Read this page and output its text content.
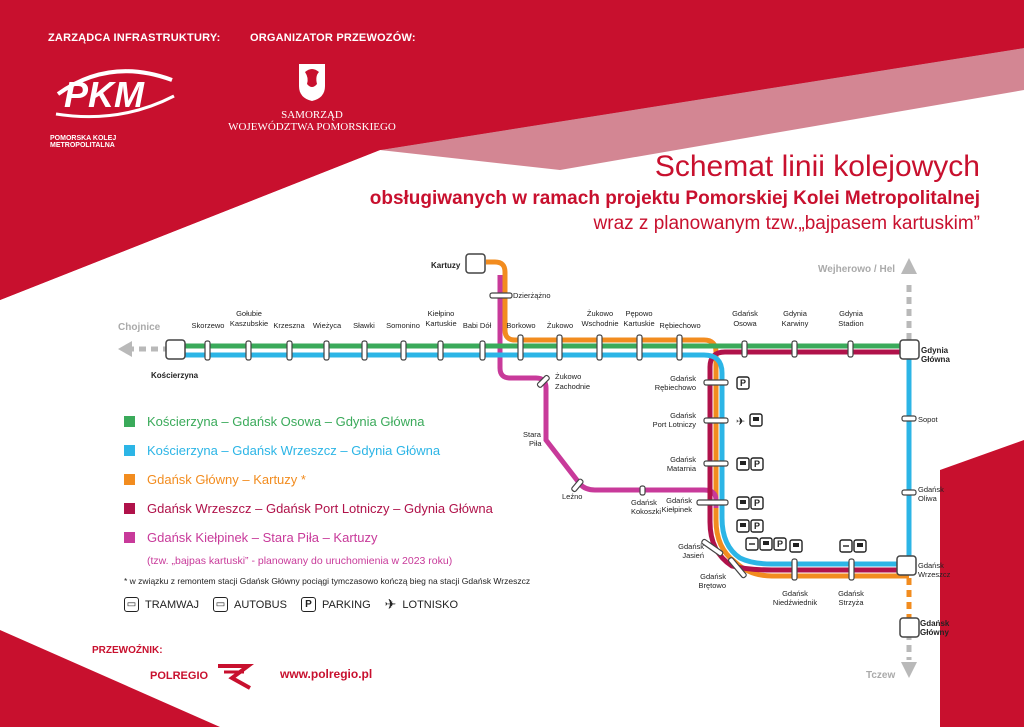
ZARZĄDCA INFRASTRUKTURY:	ORGANIZATOR PRZEWOZÓW:
PKM
POMORSKA KOLEJ METROPOLITALNA
SAMORZĄD
WOJEWÓDZTWA POMORSKIEGO
Schemat linii kolejowych
obsługiwanych w ramach projektu Pomorskiej Kolei Metropolitalnej
wraz z planowanym tzw.„bajpasem kartuskim”
Chojnice
Wejherowo / Hel
Tczew
Kościerzyna
Kartuzy
Gdynia
Główna
Gdańsk
Główny
Skorzewo
Gołubie
Kaszubskie Krzeszna Wieżyca Sławki Somonino
Kiełpino
Kartuskie Babi Dół Borkowo Żukowo
Żukowo
Wschodnie
Pępowo
Kartuskie Rębiechowo
Gdańsk
Osowa
Gdynia
Karwiny
Gdynia
Stadion
Gdańsk
Niedźwiednik
Gdańsk
Strzyża
Dzierżążno
Żukowo
Zachodnie
Stara
Piła
Leźno
Gdańsk
Kokoszki
Sopot
Gdańsk
Oliwa
Gdańsk
Wrzeszcz
Gdańsk
Rębiechowo
Gdańsk
Port Lotniczy
Gdańsk
Matarnia
Gdańsk
Kiełpinek
Gdańsk
Jasień
Gdańsk
Brętowo
P
✈
P
P
P
P
Kościerzyna – Gdańsk Osowa – Gdynia Główna
Kościerzyna – Gdańsk Wrzeszcz – Gdynia Główna
Gdańsk Główny – Kartuzy *
Gdańsk Wrzeszcz – Gdańsk Port Lotniczy – Gdynia Główna
Gdańsk Kiełpinek – Stara Piła – Kartuzy
(tzw. „bajpas kartuski” - planowany do uruchomienia w 2023 roku)
* w związku z remontem stacji Gdańsk Główny pociągi tymczasowo kończą bieg na stacji Gdańsk Wrzeszcz
▭ TRAMWAJ ▭ AUTOBUS	P PARKING ✈ LOTNISKO
PRZEWOŹNIK:
POLREGIO	www.polregio.pl
